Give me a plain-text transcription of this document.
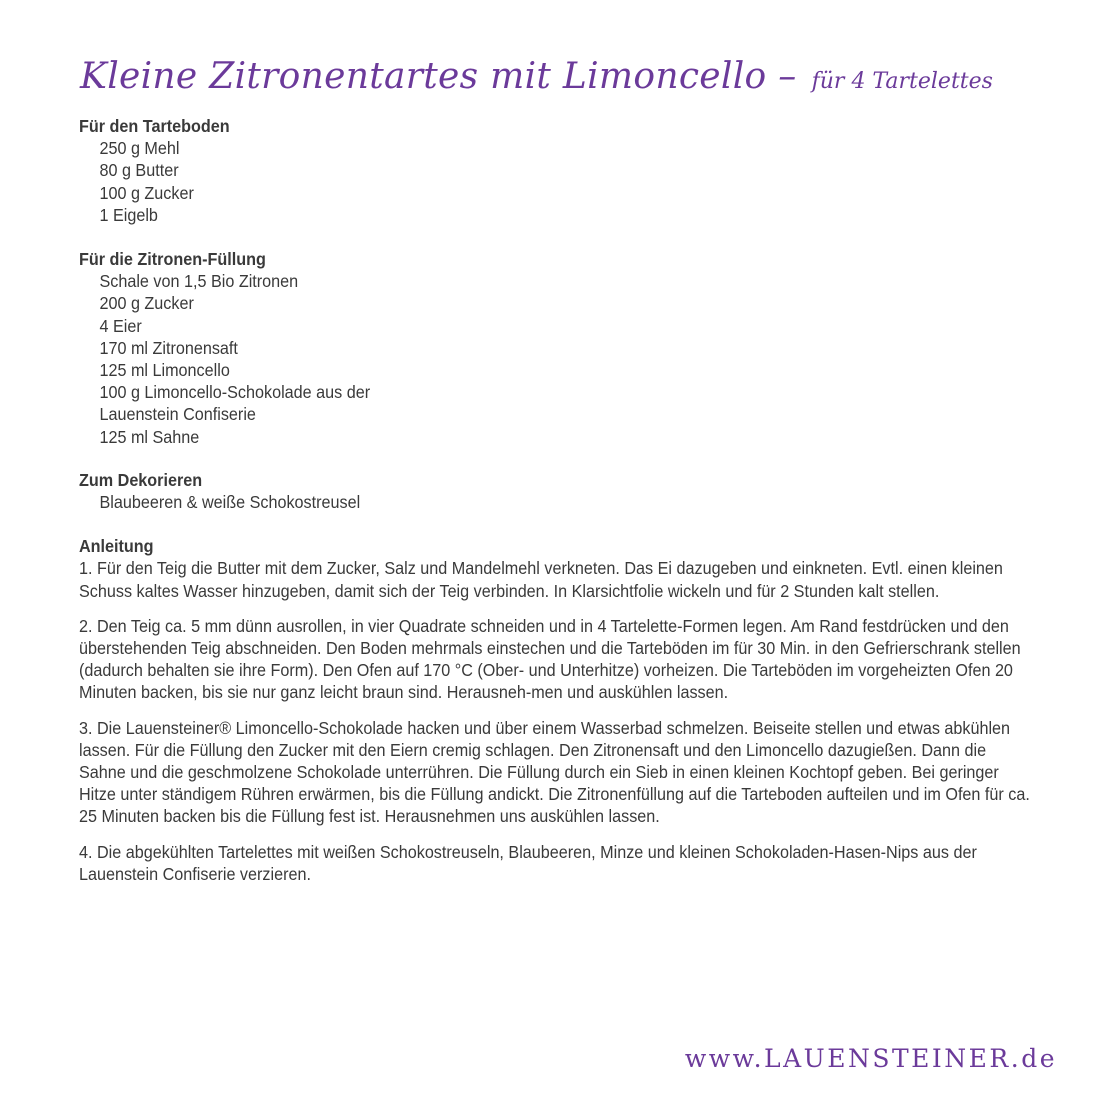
Kleine Zitronentartes mit Limoncello – für 4 Tartelettes
Für den Tarteboden
250 g Mehl
80 g Butter
100 g Zucker
1 Eigelb
Für die Zitronen-Füllung
Schale von 1,5 Bio Zitronen
200 g Zucker
4 Eier
170 ml Zitronensaft
125 ml Limoncello
100 g Limoncello-Schokolade aus der
Lauenstein Confiserie
125 ml Sahne
Zum Dekorieren
Blaubeeren & weiße Schokostreusel
Anleitung
1. Für den Teig die Butter mit dem Zucker, Salz und Mandelmehl verkneten. Das Ei dazugeben und einkneten. Evtl. einen kleinen Schuss kaltes Wasser hinzugeben, damit sich der Teig verbinden. In Klarsichtfolie wickeln und für 2 Stunden kalt stellen.
2. Den Teig ca. 5 mm dünn ausrollen, in vier Quadrate schneiden und in 4 Tartelette-Formen legen. Am Rand festdrücken und den überstehenden Teig abschneiden. Den Boden mehrmals einstechen und die Tarteböden im für 30 Min. in den Gefrierschrank stellen (dadurch behalten sie ihre Form). Den Ofen auf 170 °C (Ober- und Unterhitze) vorheizen. Die Tarteböden im vorgeheizten Ofen 20 Minuten backen, bis sie nur ganz leicht braun sind. Herausneh-men und auskühlen lassen.
3. Die Lauensteiner® Limoncello-Schokolade hacken und über einem Wasserbad schmelzen. Beiseite stellen und etwas abkühlen lassen. Für die Füllung den Zucker mit den Eiern cremig schlagen. Den Zitronensaft und den Limoncello dazugießen. Dann die Sahne und die geschmolzene Schokolade unterrühren. Die Füllung durch ein Sieb in einen kleinen Kochtopf geben. Bei geringer Hitze unter ständigem Rühren erwärmen, bis die Füllung andickt. Die Zitronenfüllung auf die Tarteboden aufteilen und im Ofen für ca. 25 Minuten backen bis die Füllung fest ist. Herausnehmen uns auskühlen lassen.
4. Die abgekühlten Tartelettes mit weißen Schokostreuseln, Blaubeeren, Minze und kleinen Schokoladen-Hasen-Nips aus der Lauenstein Confiserie verzieren.
www.LAUENSTEINER.de
